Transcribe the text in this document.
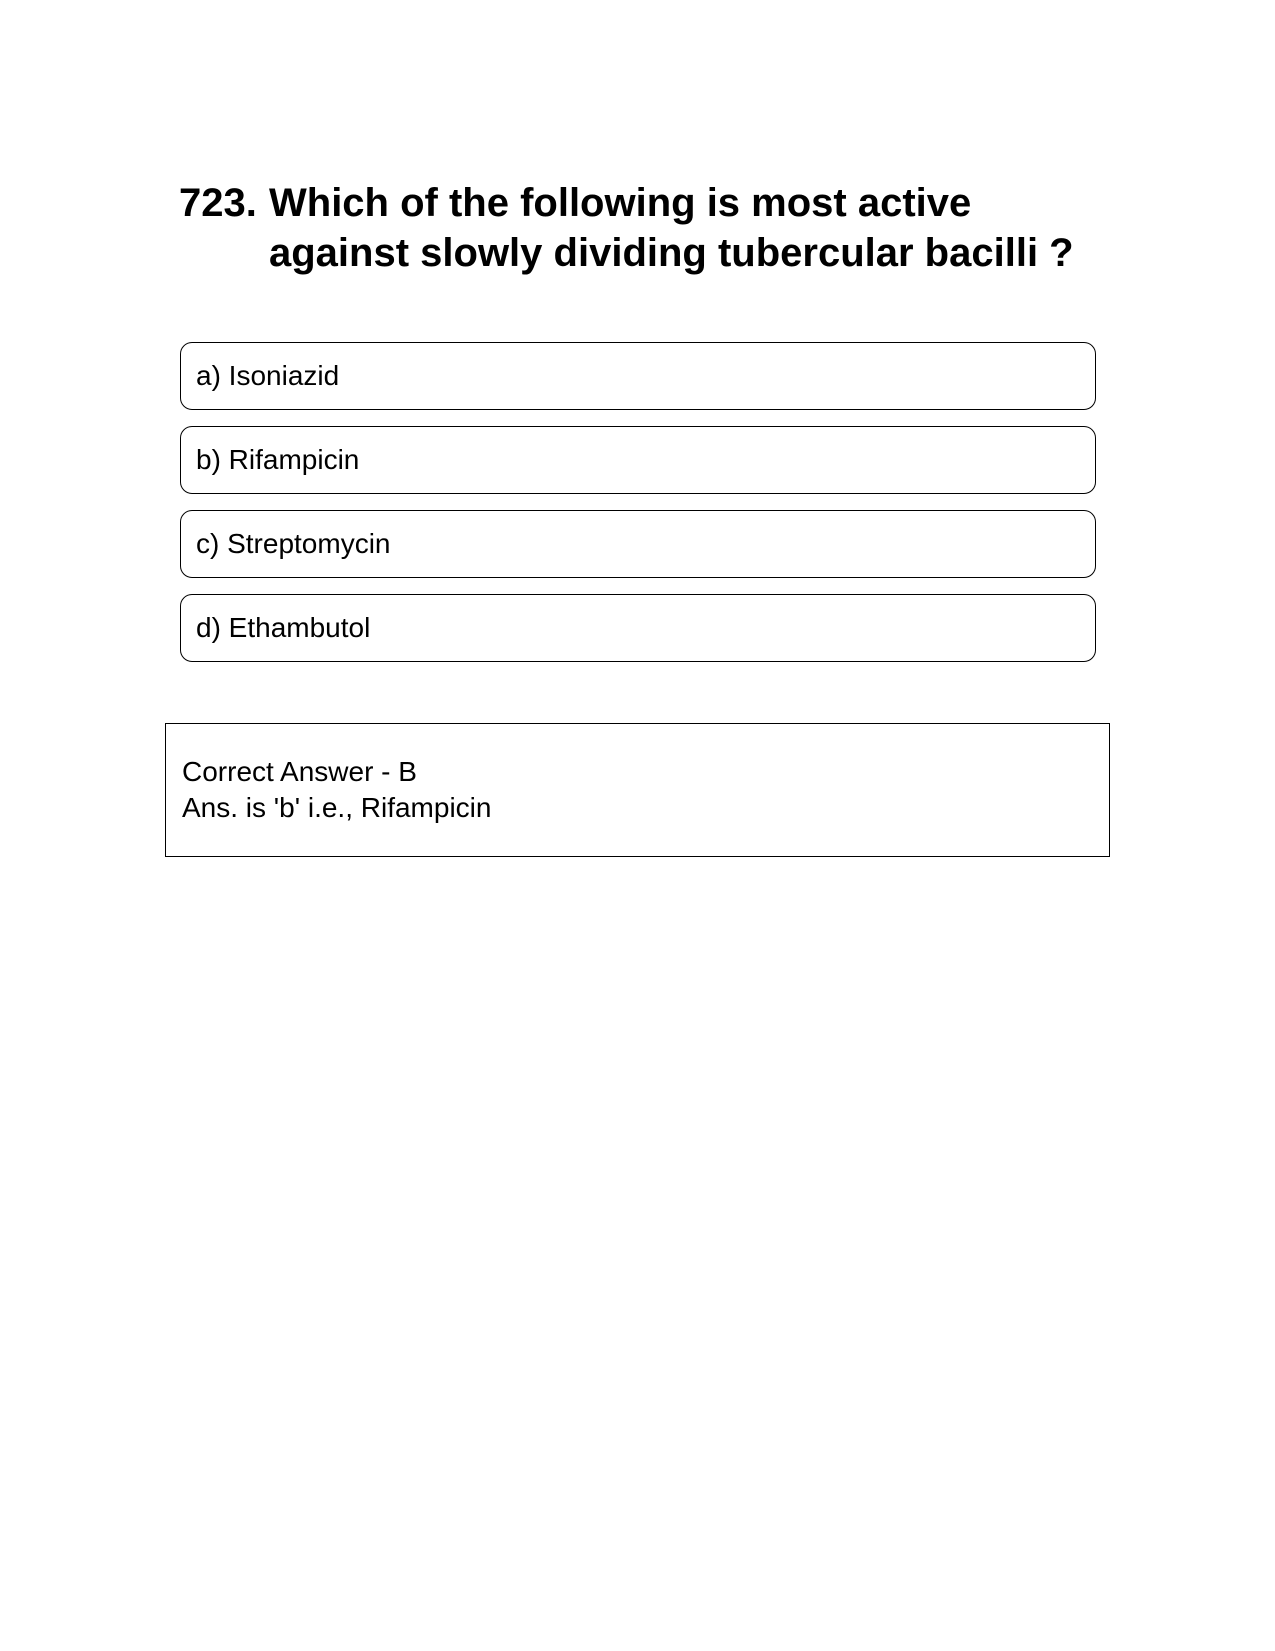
723. Which of the following is most active against slowly dividing tubercular bacilli ?
a) Isoniazid
b) Rifampicin
c) Streptomycin
d) Ethambutol
Correct Answer - B
Ans. is 'b' i.e., Rifampicin
